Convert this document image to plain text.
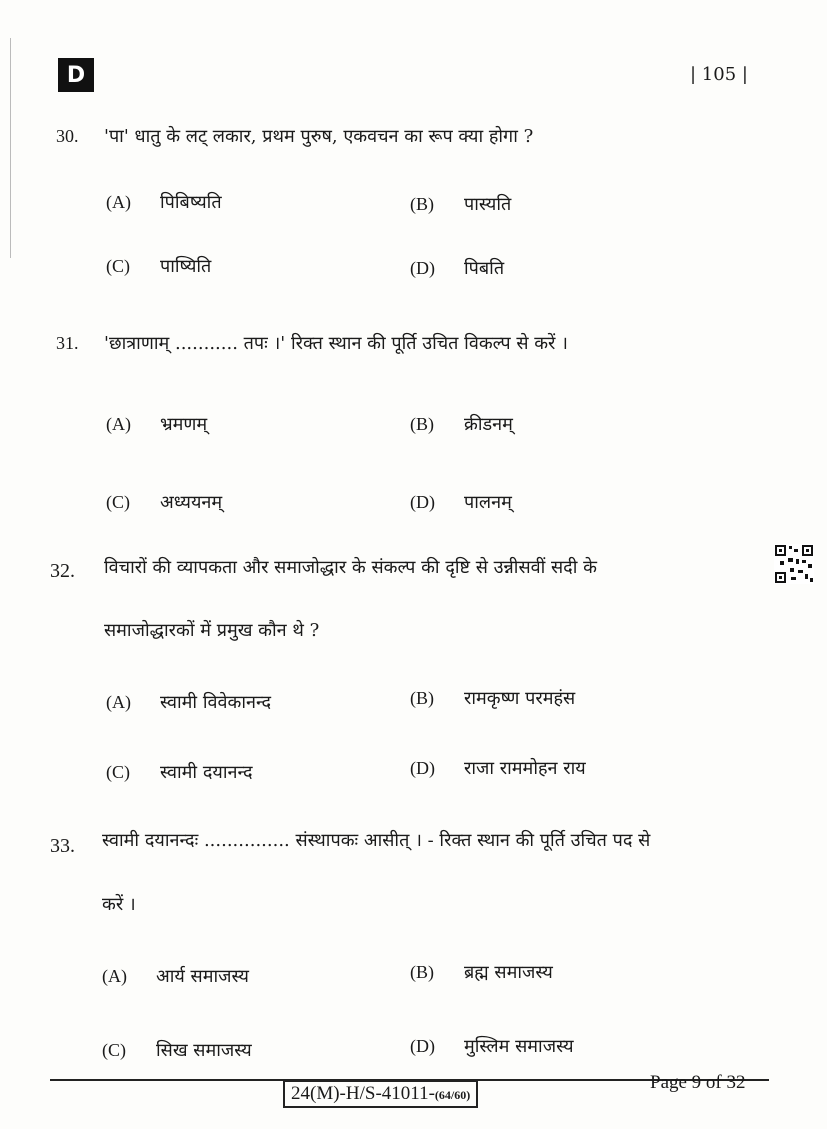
D	| 105 |
30. 'पा' धातु के लट् लकार, प्रथम पुरुष, एकवचन का रूप क्या होगा ?
(A)	पिबिष्यति	(B)	पास्यति
(C)	पाष्यिति	(D)	पिबति
31. 'छात्राणाम् ........... तपः ।' रिक्त स्थान की पूर्ति उचित विकल्प से करें ।
(A)	भ्रमणम्	(B)	क्रीडनम्
(C)	अध्ययनम्	(D)	पालनम्
32. विचारों की व्यापकता और समाजोद्धार के संकल्प की दृष्टि से उन्नीसवीं सदी के
समाजोद्धारकों में प्रमुख कौन थे ?
(A)	स्वामी विवेकानन्द	(B)	रामकृष्ण परमहंस
(C)	स्वामी दयानन्द	(D)	राजा राममोहन राय
33. स्वामी दयानन्दः ............... संस्थापकः आसीत् । - रिक्त स्थान की पूर्ति उचित पद से
करें ।
(A)	आर्य समाजस्य	(B)	ब्रह्म समाजस्य
(C)	सिख समाजस्य	(D)	मुस्लिम समाजस्य
24(M)-H/S-41011-(64/60)
Page 9 of 32
